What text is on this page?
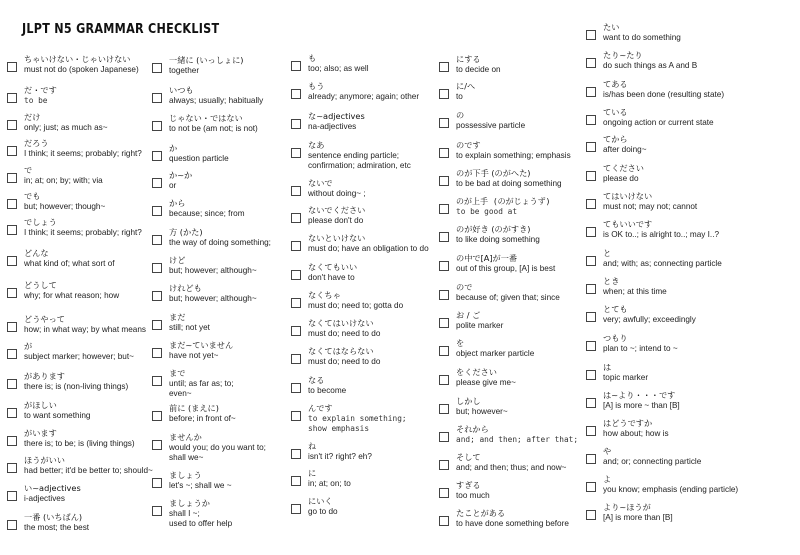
JLPT N5 GRAMMAR CHECKLIST
ちゃいけない・じゃいけない
must not do (spoken Japanese)
だ・です
to be
だけ
only; just; as much as~
だろう
I think; it seems; probably; right?
で
in; at; on; by; with; via
でも
but; however; though~
でしょう
I think; it seems; probably; right?
どんな
what kind of; what sort of
どうして
why; for what reason; how
どうやって
how; in what way; by what means
が
subject marker; however; but~
があります
there is; is (non-living things)
がほしい
to want something
がいます
there is; to be; is (living things)
ほうがいい
had better; it'd be better to; should~
い~adjectives
i-adjectives
一番 (いちばん)
the most; the best
一緒に (いっしょに)
together
いつも
always; usually; habitually
じゃない・ではない
to not be (am not; is not)
か
question particle
か~か
or
から
because; since; from
方 (かた)
the way of doing something;
けど
but; however; although~
けれども
but; however; although~
まだ
still; not yet
まだ~ていません
have not yet~
まで
until; as far as; to;
even~
前に (まえに)
before; in front of~
ませんか
would you; do you want to;
shall we~
ましょう
let's ~; shall we ~
ましょうか
shall I ~;
used to offer help
も
too; also; as well
もう
already; anymore; again; other
な~adjectives
na-adjectives
なあ
sentence ending particle;
confirmation; admiration, etc
ないで
without doing~ ;
ないでください
please don't do
ないといけない
must do; have an obligation to do
なくてもいい
don't have to
なくちゃ
must do; need to; gotta do
なくてはいけない
must do; need to do
なくてはならない
must do; need to do
なる
to become
んです
to explain something;
show emphasis
ね
isn't it? right? eh?
に
in; at; on; to
にいく
go to do
にする
to decide on
に/へ
to
の
possessive particle
のです
to explain something; emphasis
のが下手 (のがへた)
to be bad at doing something
のが上手 (のがじょうず)
to be good at
のが好き (のがすき)
to like doing something
の中で[A]が一番
out of this group, [A] is best
ので
because of; given that; since
お / ご
polite marker
を
object marker particle
をください
please give me~
しかし
but; however~
それから
and; and then; after that;
そして
and; and then; thus; and now~
すぎる
too much
たことがある
to have done something before
たい
want to do something
たり~たり
do such things as A and B
てある
is/has been done (resulting state)
ている
ongoing action or current state
てから
after doing~
てください
please do
てはいけない
must not; may not; cannot
てもいいです
is OK to..; is alright to..; may I..?
と
and; with; as; connecting particle
とき
when; at this time
とても
very; awfully; exceedingly
つもり
plan to ~; intend to ~
は
topic marker
は~より・・・です
[A] is more ~ than [B]
はどうですか
how about; how is
や
and; or; connecting particle
よ
you know; emphasis (ending particle)
より~ほうが
[A] is more than [B]
